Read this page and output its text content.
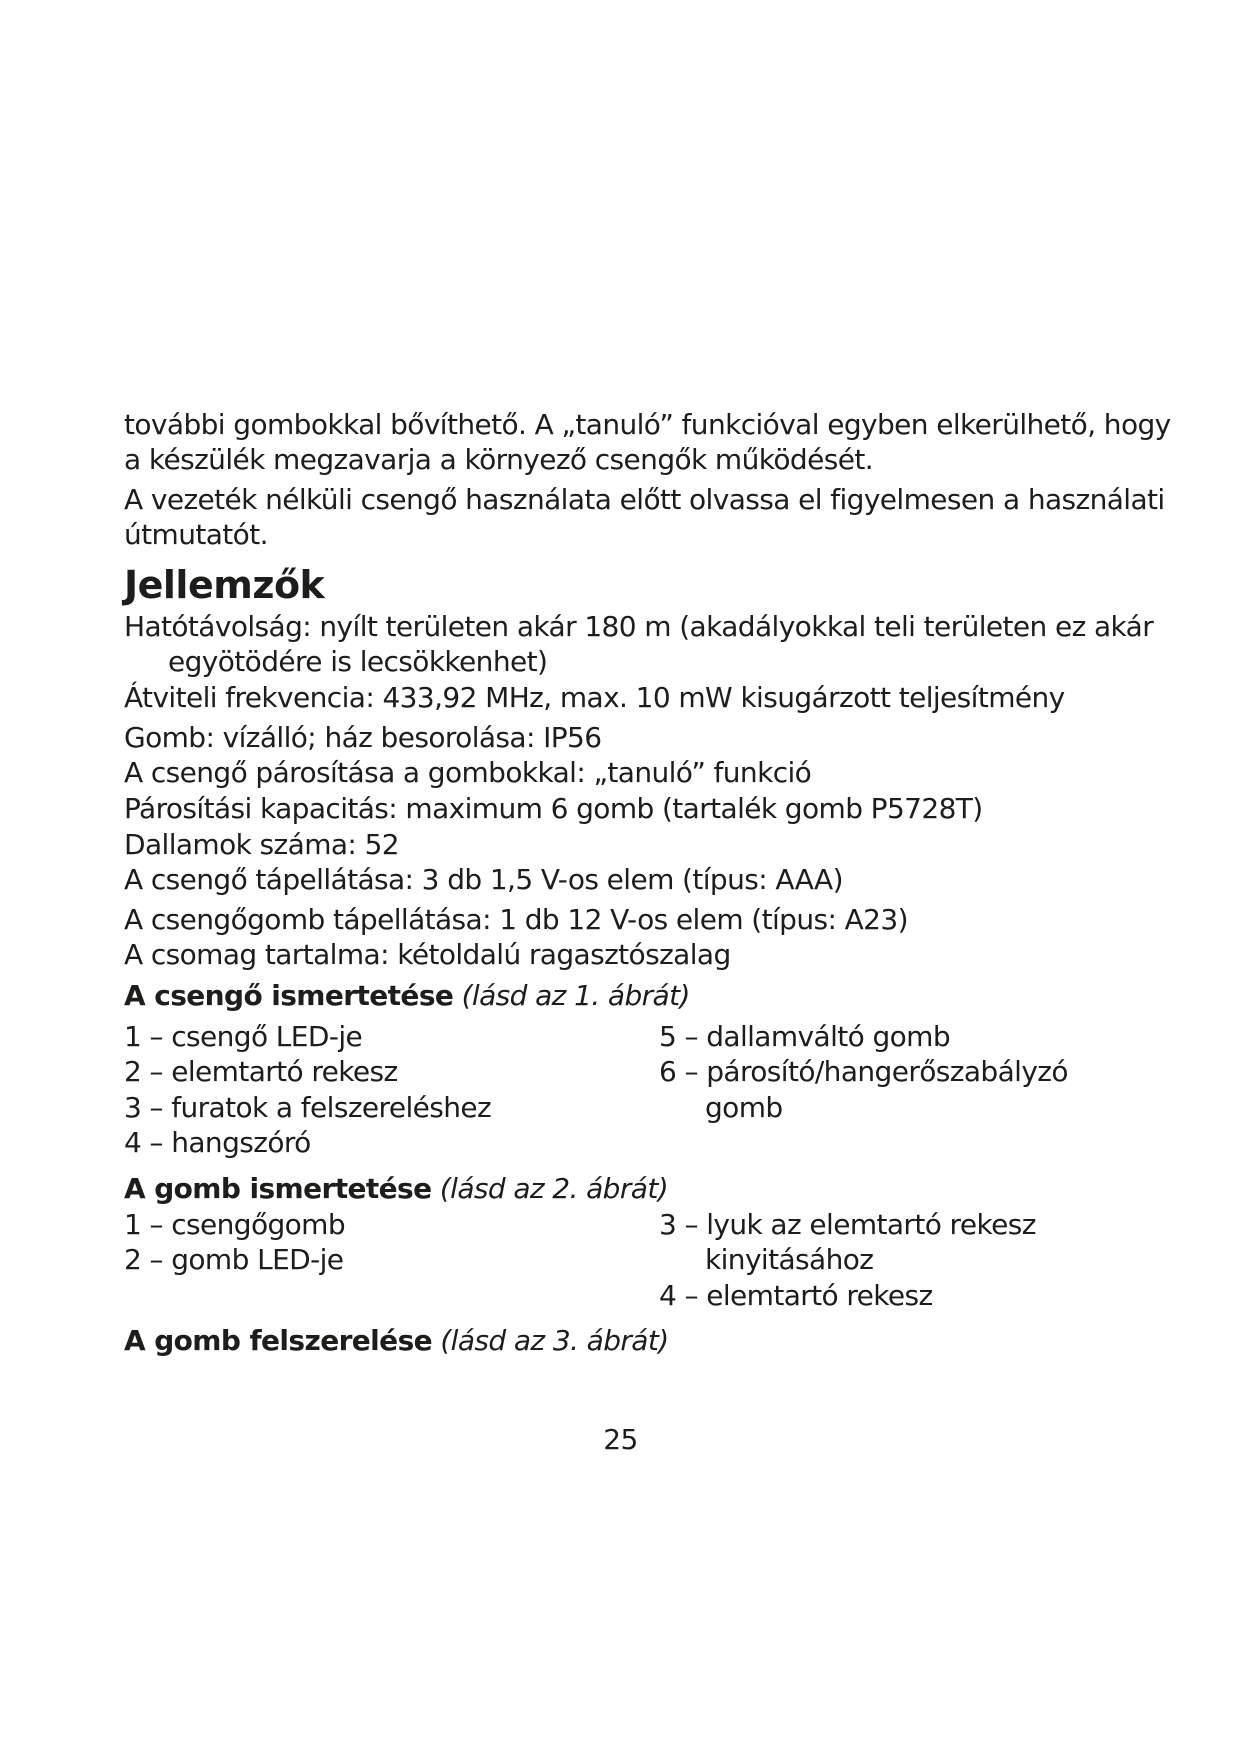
további gombokkal bővíthető. A „tanuló” funkcióval egyben elkerülhető, hogy
a készülék megzavarja a környező csengők működését.
A vezeték nélküli csengő használata előtt olvassa el figyelmesen a használati
útmutatót.
Jellemzők
Hatótávolság: nyílt területen akár 180 m (akadályokkal teli területen ez akár
egyötödére is lecsökkenhet)
Átviteli frekvencia: 433,92 MHz, max. 10 mW kisugárzott teljesítmény
Gomb: vízálló; ház besorolása: IP56
A csengő párosítása a gombokkal: „tanuló” funkció
Párosítási kapacitás: maximum 6 gomb (tartalék gomb P5728T)
Dallamok száma: 52
A csengő tápellátása: 3 db 1,5 V-os elem (típus: AAA)
A csengőgomb tápellátása: 1 db 12 V-os elem (típus: A23)
A csomag tartalma: kétoldalú ragasztószalag
A csengő ismertetése (lásd az 1. ábrát)
1 – csengő LED-je
2 – elemtartó rekesz
3 – furatok a felszereléshez
4 – hangszóró
5 – dallamváltó gomb
6 – párosító/hangerőszabályzó
gomb
A gomb ismertetése (lásd az 2. ábrát)
1 – csengőgomb
2 – gomb LED-je
3 – lyuk az elemtartó rekesz
kinyitásához
4 – elemtartó rekesz
A gomb felszerelése (lásd az 3. ábrát)
25
